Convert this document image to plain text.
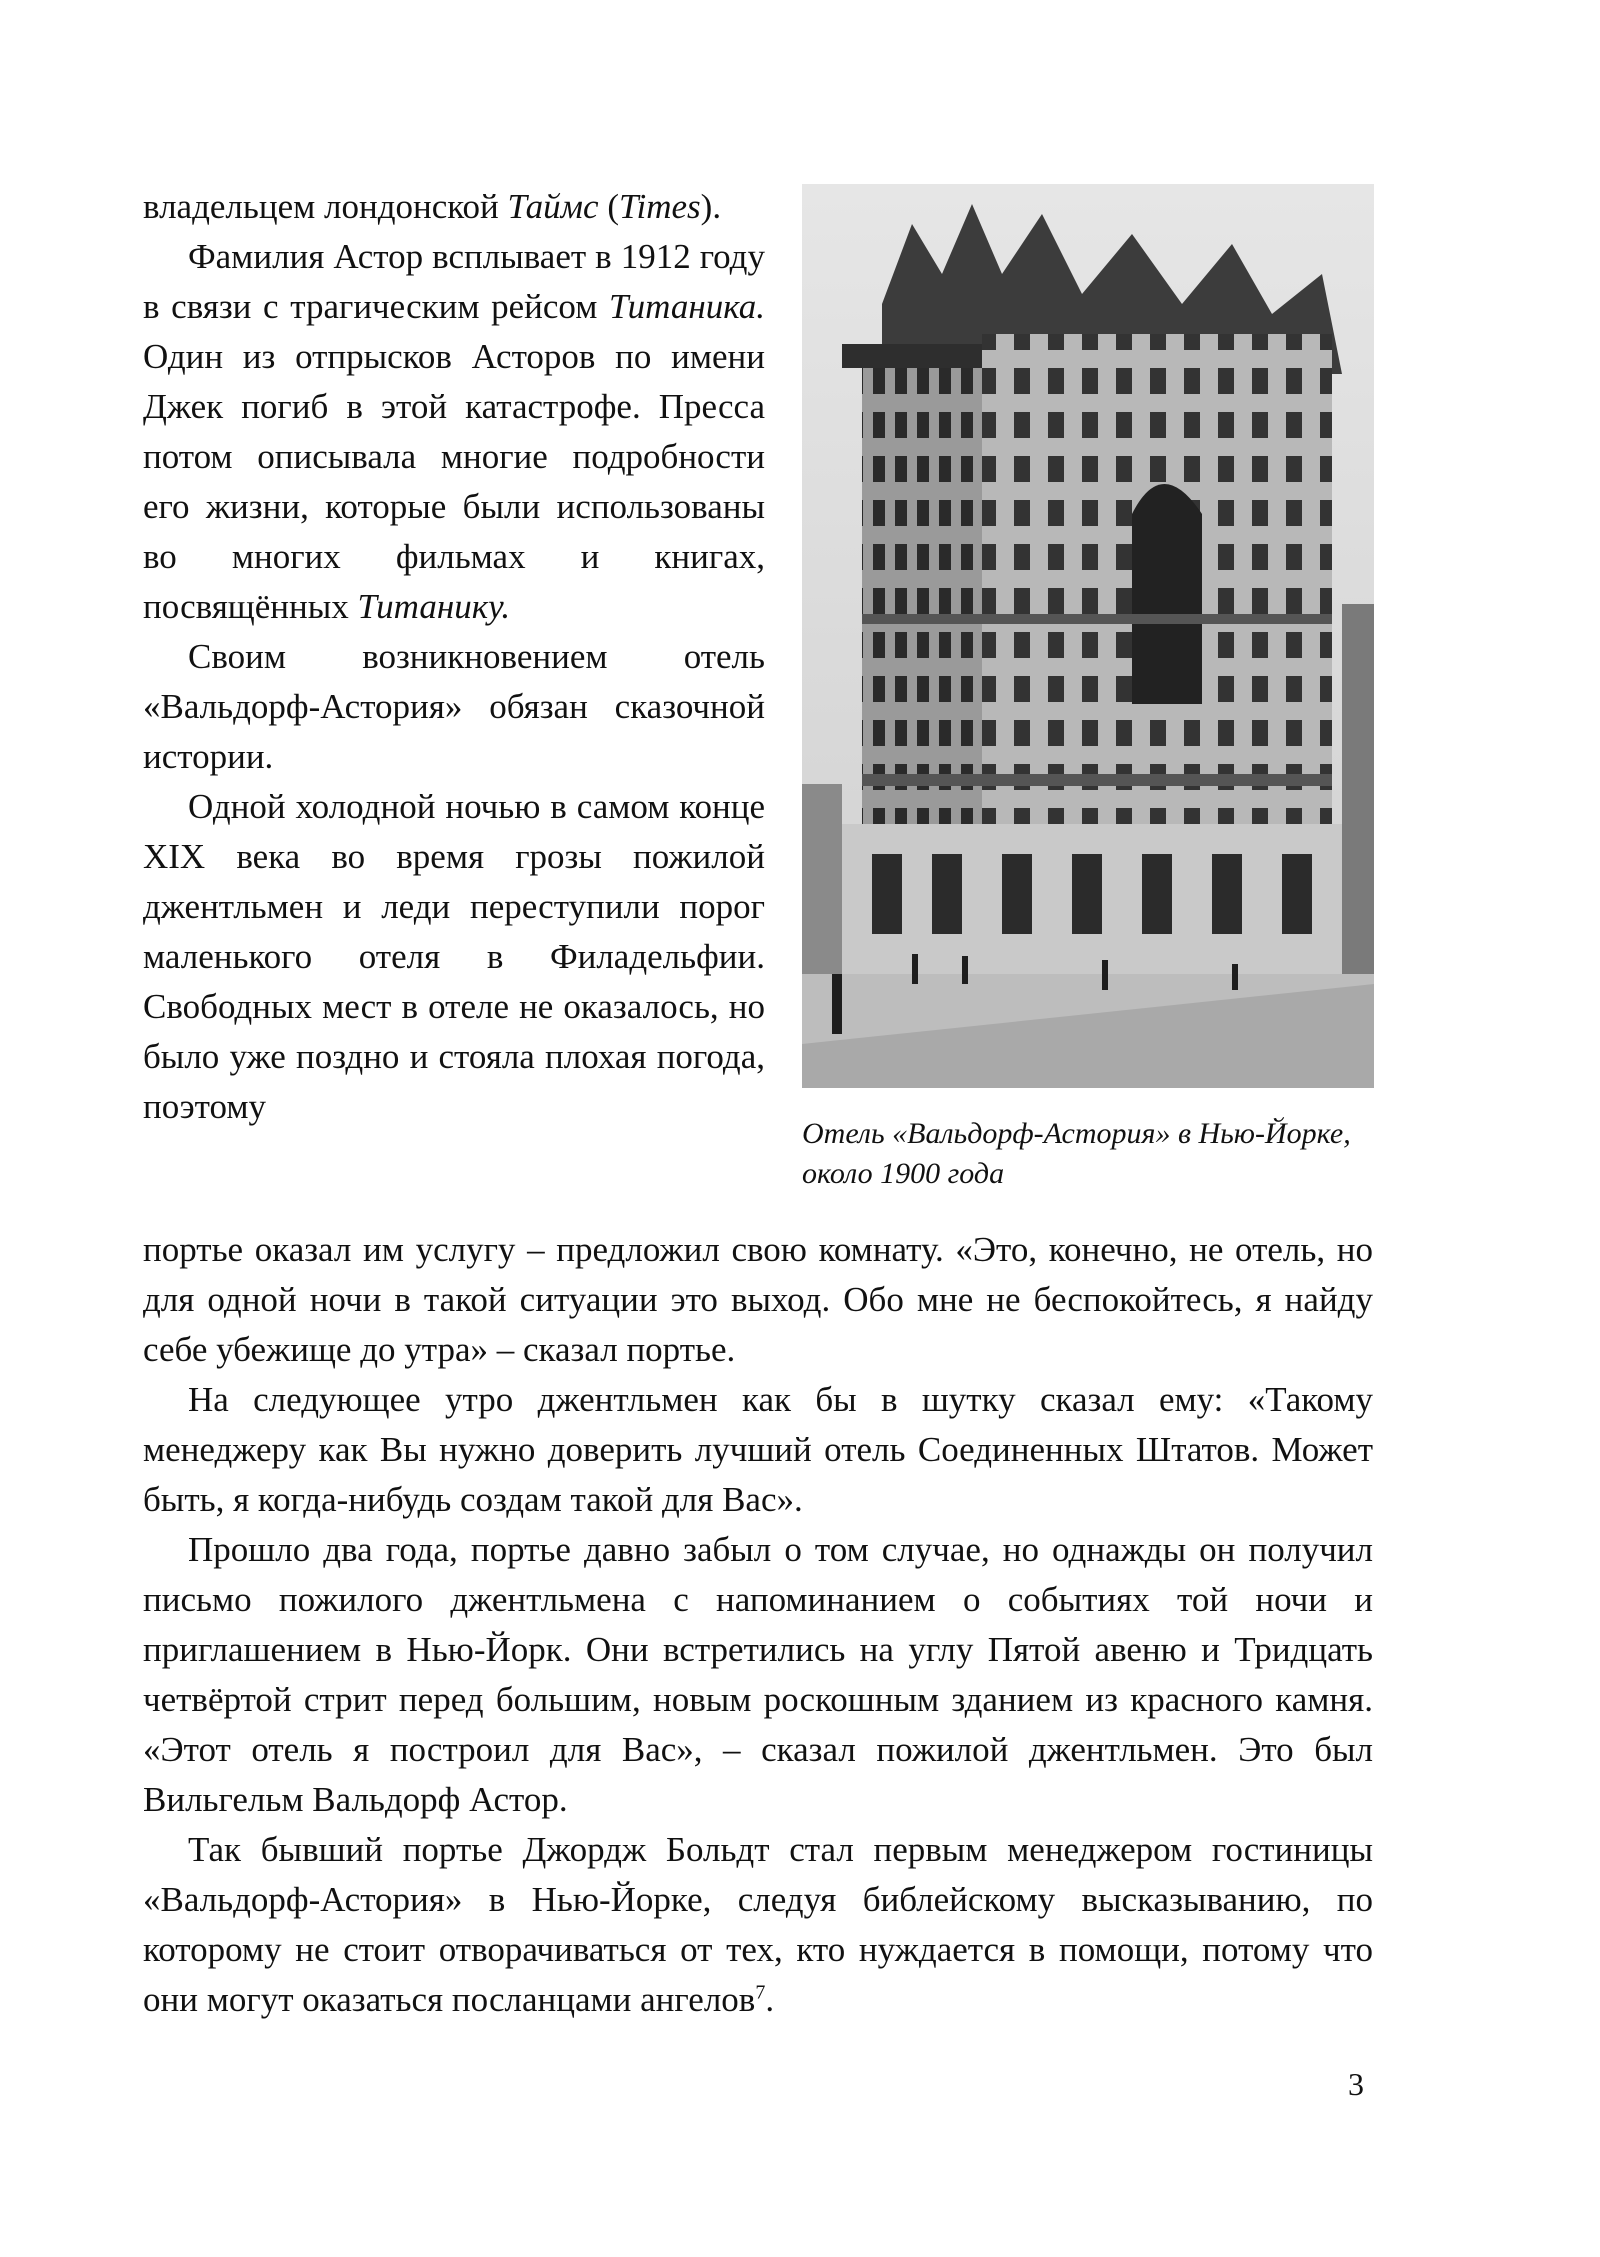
владельцем лондонской Таймс (Times).

Фамилия Астор всплывает в 1912 году в связи с трагическим рейсом Титаника. Один из отпрысков Асторов по имени Джек погиб в этой катастрофе. Пресса потом описывала многие подробности его жизни, которые были использованы во многих фильмах и книгах, посвящённых Титанику.

Своим возникновением отель «Вальдорф-Астория» обязан сказочной истории.

Одной холодной ночью в самом конце XIX века во время грозы пожилой джентльмен и леди переступили порог маленького отеля в Филадельфии. Свободных мест в отеле не оказалось, но было уже поздно и стояла плохая погода, поэтому

Отель «Вальдорф-Астория» в Нью-Йорке, около 1900 года

портье оказал им услугу – предложил свою комнату. «Это, конечно, не отель, но для одной ночи в такой ситуации это выход. Обо мне не беспокойтесь, я найду себе убежище до утра» – сказал портье.

На следующее утро джентльмен как бы в шутку сказал ему: «Такому менеджеру как Вы нужно доверить лучший отель Соединенных Штатов. Может быть, я когда-нибудь создам такой для Вас».

Прошло два года, портье давно забыл о том случае, но однажды он получил письмо пожилого джентльмена с напоминанием о событиях той ночи и приглашением в Нью-Йорк. Они встретились на углу Пятой авеню и Тридцать четвёртой стрит перед большим, новым роскошным зданием из красного камня. «Этот отель я построил для Вас», – сказал пожилой джентльмен. Это был Вильгельм Вальдорф Астор.

Так бывший портье Джордж Больдт стал первым менеджером гостиницы «Вальдорф-Астория» в Нью-Йорке, следуя библейскому высказыванию, по которому не стоит отворачиваться от тех, кто нуждается в помощи, потому что они могут оказаться посланцами ангелов$^7$.

3
